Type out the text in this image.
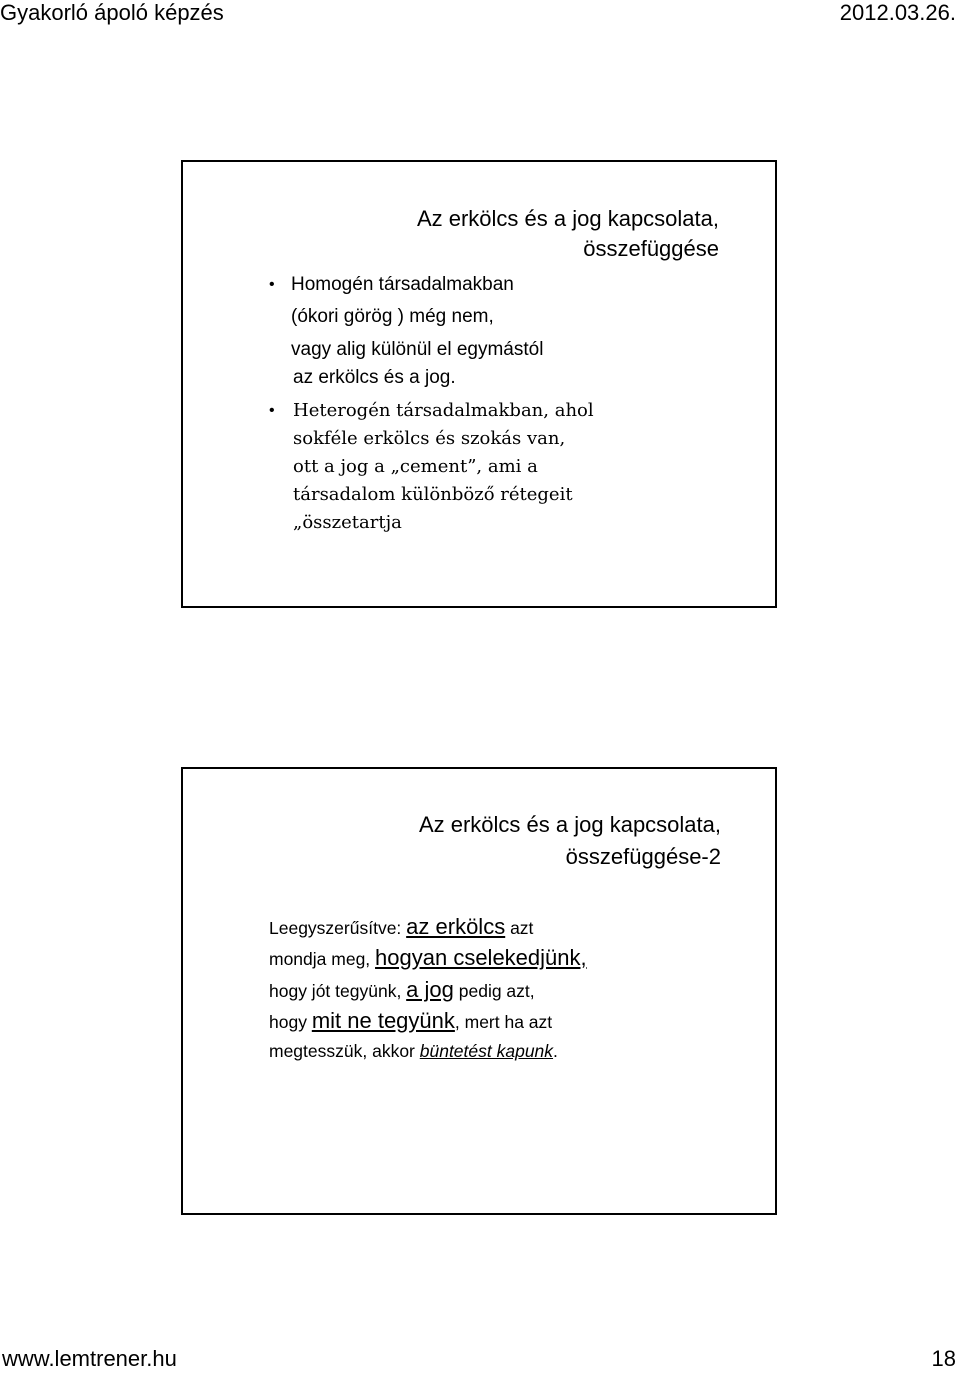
Gyakorló ápoló képzés	2012.03.26.
Az erkölcs és a jog kapcsolata,
összefüggése
• Homogén társadalmakban
(ókori görög ) még nem,
vagy alig különül el egymástól
az erkölcs és a jog.
• Heterogén társadalmakban, ahol
sokféle erkölcs és szokás van,
ott a jog a „cement”, ami a
társadalom különböző rétegeit
„összetartja
Az erkölcs és a jog kapcsolata,
összefüggése-2
Leegyszerűsítve: az erkölcs azt
mondja meg, hogyan cselekedjünk,
hogy jót tegyünk, a jog pedig azt,
hogy mit ne tegyünk, mert ha azt
megtesszük, akkor büntetést kapunk.
www.lemtrener.hu	18
